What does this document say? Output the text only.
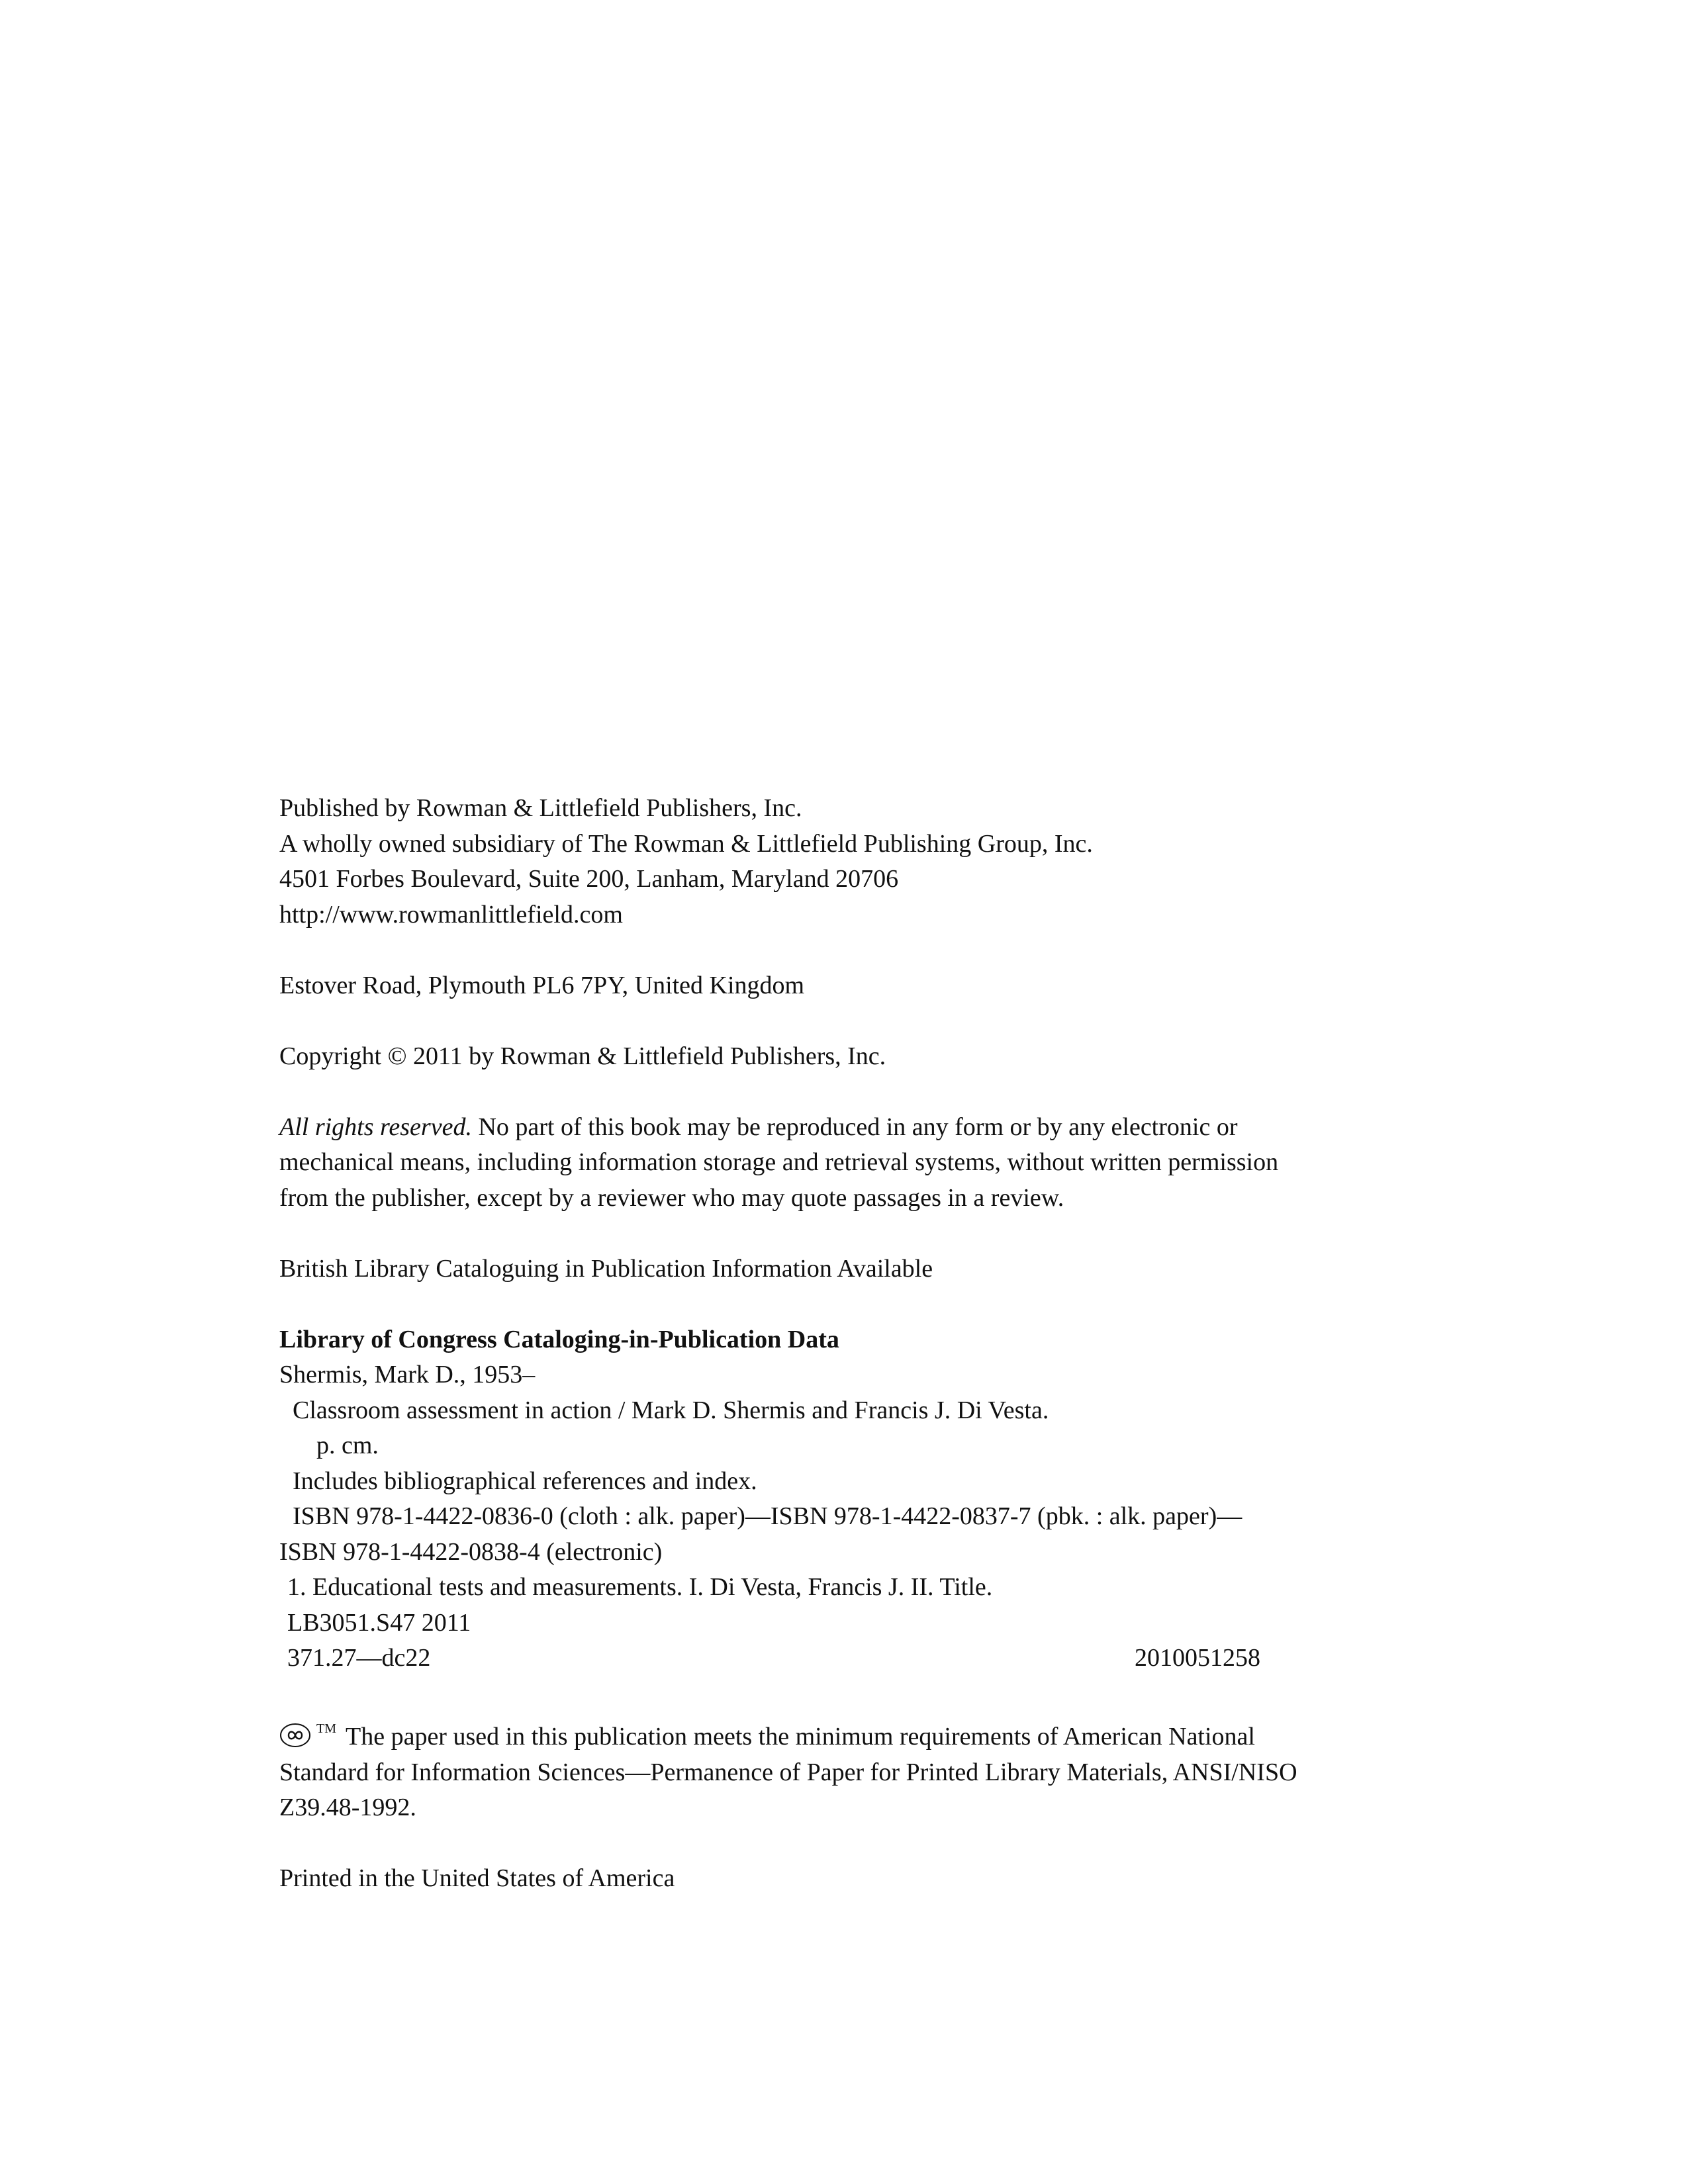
Published by Rowman & Littlefield Publishers, Inc.
A wholly owned subsidiary of The Rowman & Littlefield Publishing Group, Inc.
4501 Forbes Boulevard, Suite 200, Lanham, Maryland 20706
http://www.rowmanlittlefield.com
Estover Road, Plymouth PL6 7PY, United Kingdom
Copyright © 2011 by Rowman & Littlefield Publishers, Inc.
All rights reserved. No part of this book may be reproduced in any form or by any electronic or
mechanical means, including information storage and retrieval systems, without written permission
from the publisher, except by a reviewer who may quote passages in a review.
British Library Cataloguing in Publication Information Available
Library of Congress Cataloging-in-Publication Data
Shermis, Mark D., 1953–
Classroom assessment in action / Mark D. Shermis and Francis J. Di Vesta.
p. cm.
Includes bibliographical references and index.
ISBN 978-1-4422-0836-0 (cloth : alk. paper)—ISBN 978-1-4422-0837-7 (pbk. : alk. paper)—
ISBN 978-1-4422-0838-4 (electronic)
1. Educational tests and measurements. I. Di Vesta, Francis J. II. Title.
LB3051.S47 2011
371.27—dc22	2010051258
™ The paper used in this publication meets the minimum requirements of American National
Standard for Information Sciences—Permanence of Paper for Printed Library Materials, ANSI/NISO
Z39.48-1992.
Printed in the United States of America
